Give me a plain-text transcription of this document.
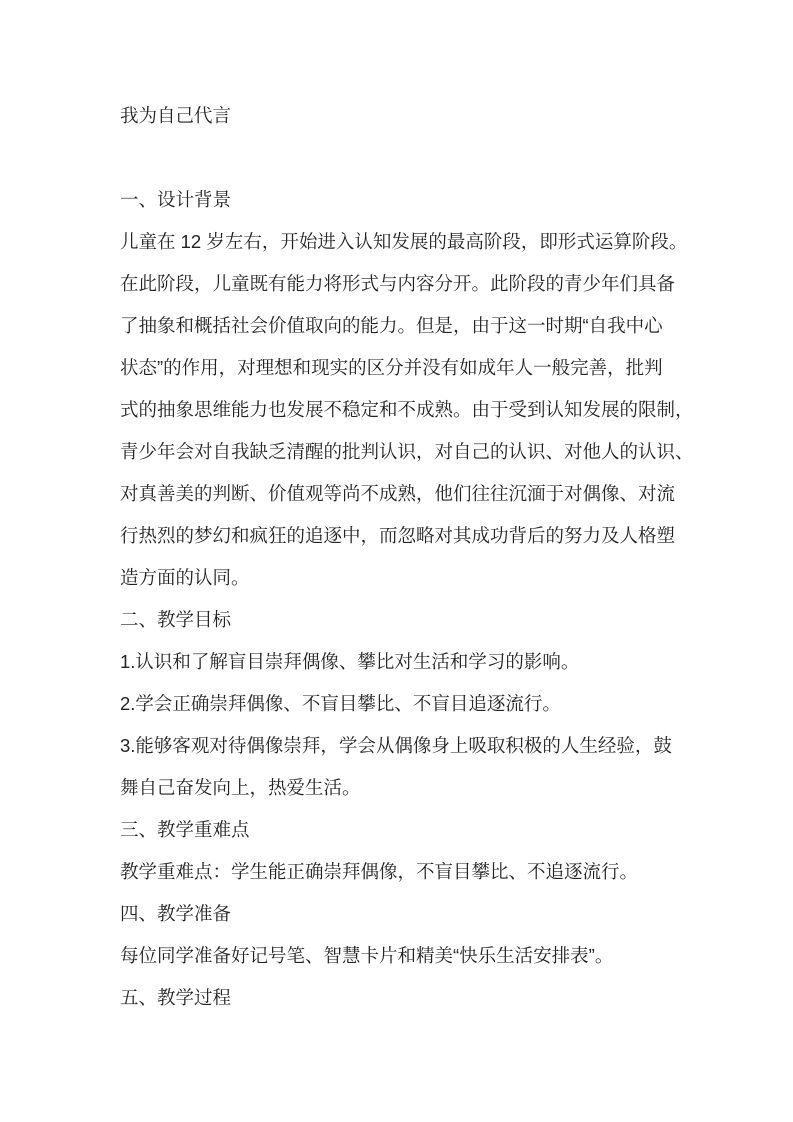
我为自己代言
一、设计背景
儿童在 12 岁左右，开始进入认知发展的最高阶段，即形式运算阶段。
在此阶段，儿童既有能力将形式与内容分开。此阶段的青少年们具备
了抽象和概括社会价值取向的能力。但是，由于这一时期“自我中心
状态”的作用，对理想和现实的区分并没有如成年人一般完善，批判
式的抽象思维能力也发展不稳定和不成熟。由于受到认知发展的限制，
青少年会对自我缺乏清醒的批判认识，对自己的认识、对他人的认识、
对真善美的判断、价值观等尚不成熟，他们往往沉湎于对偶像、对流
行热烈的梦幻和疯狂的追逐中，而忽略对其成功背后的努力及人格塑
造方面的认同。
二、教学目标
1.认识和了解盲目崇拜偶像、攀比对生活和学习的影响。
2.学会正确崇拜偶像、不盲目攀比、不盲目追逐流行。
3.能够客观对待偶像崇拜，学会从偶像身上吸取积极的人生经验，鼓
舞自己奋发向上，热爱生活。
三、教学重难点
教学重难点：学生能正确崇拜偶像，不盲目攀比、不追逐流行。
四、教学准备
每位同学准备好记号笔、智慧卡片和精美“快乐生活安排表”。
五、教学过程
